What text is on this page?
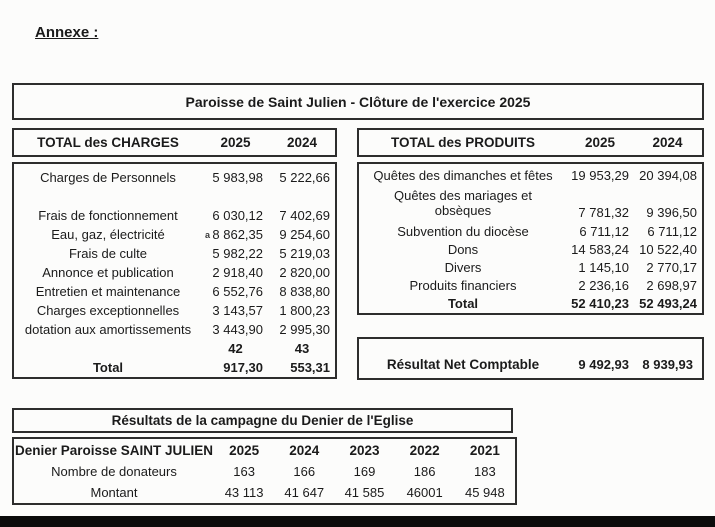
Annexe :
Paroisse de Saint Julien - Clôture de l'exercice 2025
TOTAL des CHARGES	2025	2024
Charges de Personnels	5 983,98	5 222,66

Frais de fonctionnement	6 030,12	7 402,69
Eau, gaz, électricité a	8 862,35	9 254,60
Frais de culte	5 982,22	5 219,03
Annonce et publication	2 918,40	2 820,00
Entretien et maintenance	6 552,76	8 838,80
Charges exceptionnelles	3 143,57	1 800,23
dotation aux amortissements	3 443,90	2 995,30
	42	43
Total	917,30	553,31
TOTAL des PRODUITS	2025	2024
Quêtes des dimanches et fêtes	19 953,29	20 394,08
Quêtes des mariages et obsèques	7 781,32	9 396,50
Subvention du diocèse	6 711,12	6 711,12
Dons	14 583,24	10 522,40
Divers	1 145,10	2 770,17
Produits financiers	2 236,16	2 698,97
Total	52 410,23	52 493,24
Résultat Net Comptable	9 492,93	8 939,93
Résultats de la campagne du Denier de l'Eglise
Denier Paroisse SAINT JULIEN	2025	2024	2023	2022	2021
Nombre de donateurs	163	166	169	186	183
Montant	43 113	41 647	41 585	46001	45 948
